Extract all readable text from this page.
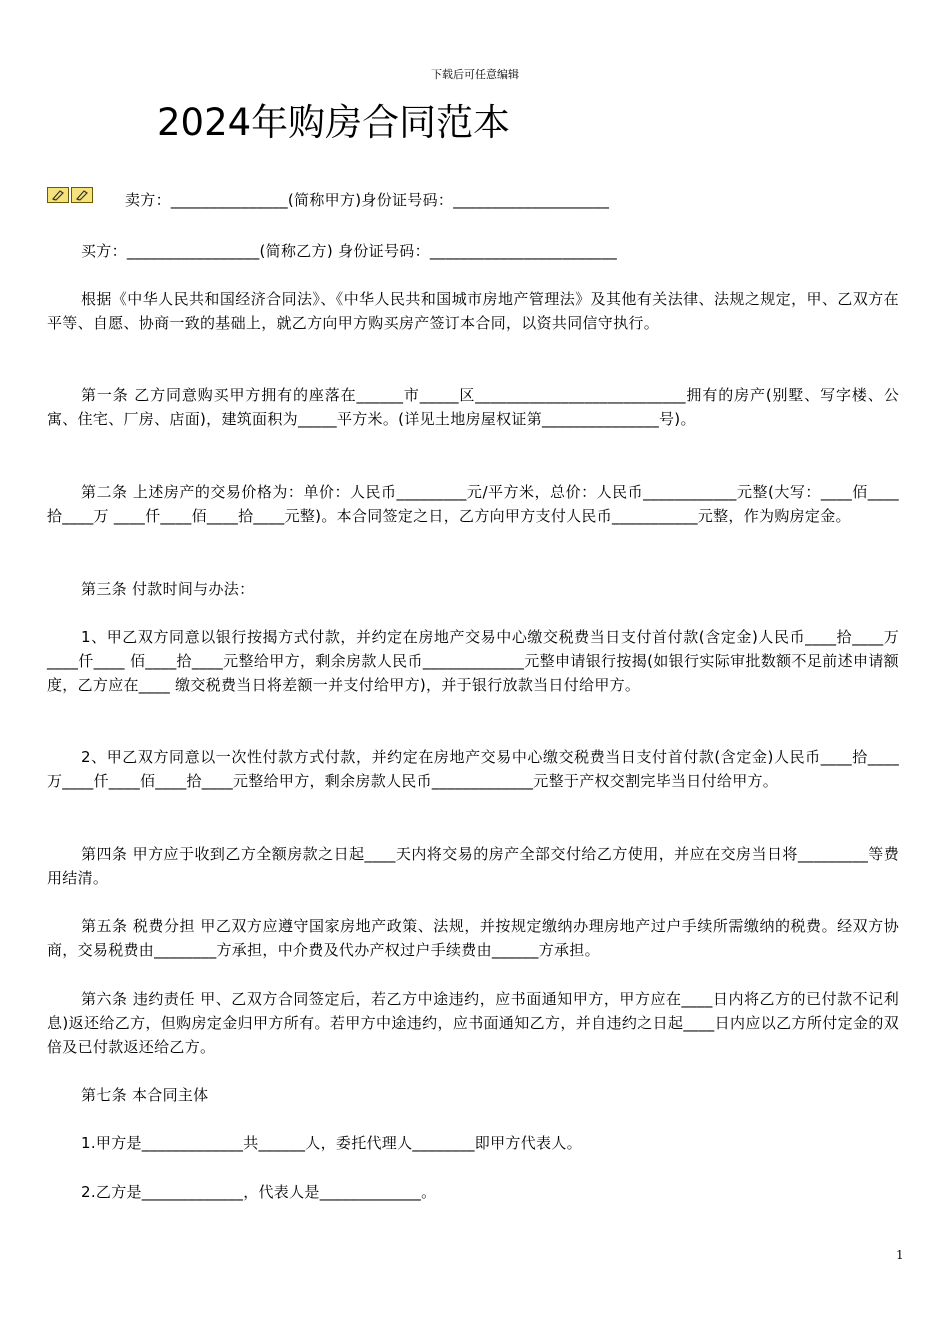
下载后可任意编辑
2024年购房合同范本
卖方：_______________(简称甲方)身份证号码：____________________
买方：_________________(简称乙方) 身份证号码：________________________
根据《中华人民共和国经济合同法》、《中华人民共和国城市房地产管理法》及其他有关法律、法规之规定，甲、乙双方在平等、自愿、协商一致的基础上，就乙方向甲方购买房产签订本合同，以资共同信守执行。
第一条 乙方同意购买甲方拥有的座落在______市_____区___________________________拥有的房产(别墅、写字楼、公寓、住宅、厂房、店面)，建筑面积为_____平方米。(详见土地房屋权证第_______________号)。
第二条 上述房产的交易价格为：单价：人民币_________元/平方米，总价：人民币____________元整(大写：____佰____拾____万 ____仟____佰____拾____元整)。本合同签定之日，乙方向甲方支付人民币___________元整，作为购房定金。
第三条 付款时间与办法：
1、甲乙双方同意以银行按揭方式付款，并约定在房地产交易中心缴交税费当日支付首付款(含定金)人民币____拾____万____仟____ 佰____拾____元整给甲方，剩余房款人民币_____________元整申请银行按揭(如银行实际审批数额不足前述申请额度，乙方应在____ 缴交税费当日将差额一并支付给甲方)，并于银行放款当日付给甲方。
2、甲乙双方同意以一次性付款方式付款，并约定在房地产交易中心缴交税费当日支付首付款(含定金)人民币____拾____万____仟____佰____拾____元整给甲方，剩余房款人民币_____________元整于产权交割完毕当日付给甲方。
第四条 甲方应于收到乙方全额房款之日起____天内将交易的房产全部交付给乙方使用，并应在交房当日将_________等费用结清。
第五条 税费分担 甲乙双方应遵守国家房地产政策、法规，并按规定缴纳办理房地产过户手续所需缴纳的税费。经双方协商，交易税费由________方承担，中介费及代办产权过户手续费由______方承担。
第六条 违约责任 甲、乙双方合同签定后，若乙方中途违约，应书面通知甲方，甲方应在____日内将乙方的已付款不记利息)返还给乙方，但购房定金归甲方所有。若甲方中途违约，应书面通知乙方，并自违约之日起____日内应以乙方所付定金的双倍及已付款返还给乙方。
第七条 本合同主体
1.甲方是_____________共______人，委托代理人________即甲方代表人。
2.乙方是_____________，代表人是_____________。
1
